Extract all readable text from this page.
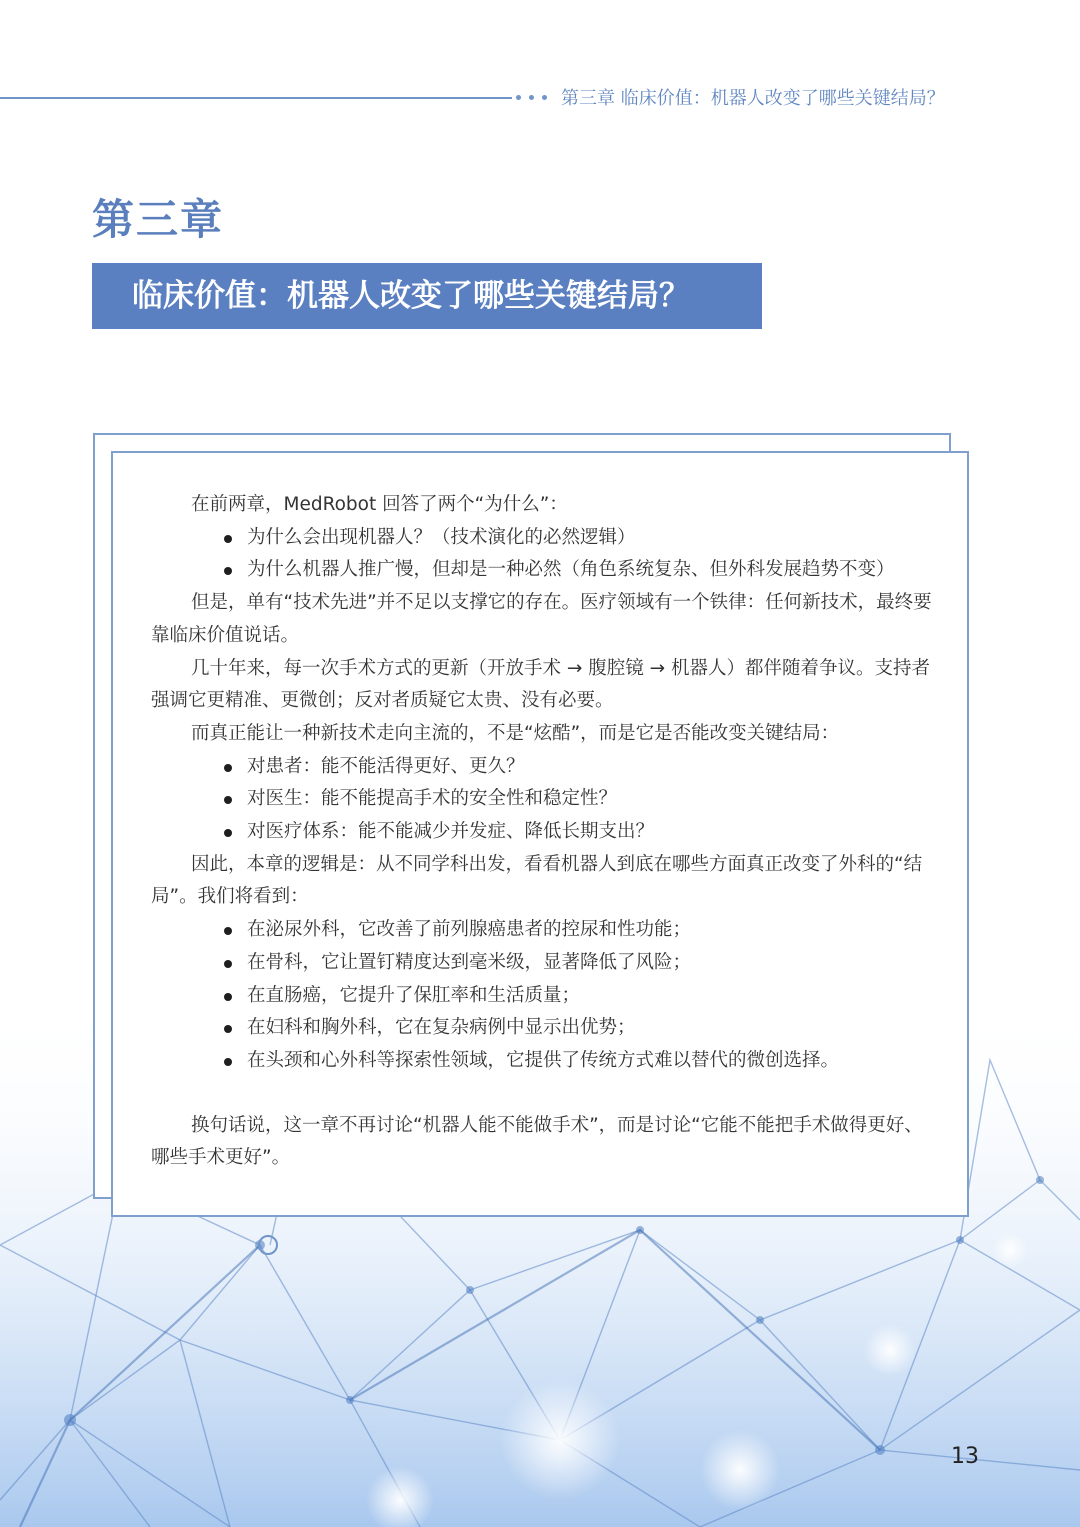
第三章 临床价值：机器人改变了哪些关键结局？
第三章
临床价值：机器人改变了哪些关键结局？

在前两章，MedRobot 回答了两个“为什么”：

为什么会出现机器人？（技术演化的必然逻辑）
为什么机器人推广慢，但却是一种必然（角色系统复杂、但外科发展趋势不变）

但是，单有“技术先进”并不足以支撑它的存在。医疗领域有一个铁律：任何新技术，最终要靠临床价值说话。

几十年来，每一次手术方式的更新（开放手术 → 腹腔镜 → 机器人）都伴随着争议。支持者强调它更精准、更微创；反对者质疑它太贵、没有必要。

而真正能让一种新技术走向主流的，不是“炫酷”，而是它是否能改变关键结局：

对患者：能不能活得更好、更久？
对医生：能不能提高手术的安全性和稳定性？
对医疗体系：能不能减少并发症、降低长期支出？

因此，本章的逻辑是：从不同学科出发，看看机器人到底在哪些方面真正改变了外科的“结局”。我们将看到：

在泌尿外科，它改善了前列腺癌患者的控尿和性功能；
在骨科，它让置钉精度达到毫米级，显著降低了风险；
在直肠癌，它提升了保肛率和生活质量；
在妇科和胸外科，它在复杂病例中显示出优势；
在头颈和心外科等探索性领域，它提供了传统方式难以替代的微创选择。

换句话说，这一章不再讨论“机器人能不能做手术”，而是讨论“它能不能把手术做得更好、哪些手术更好”。

13
